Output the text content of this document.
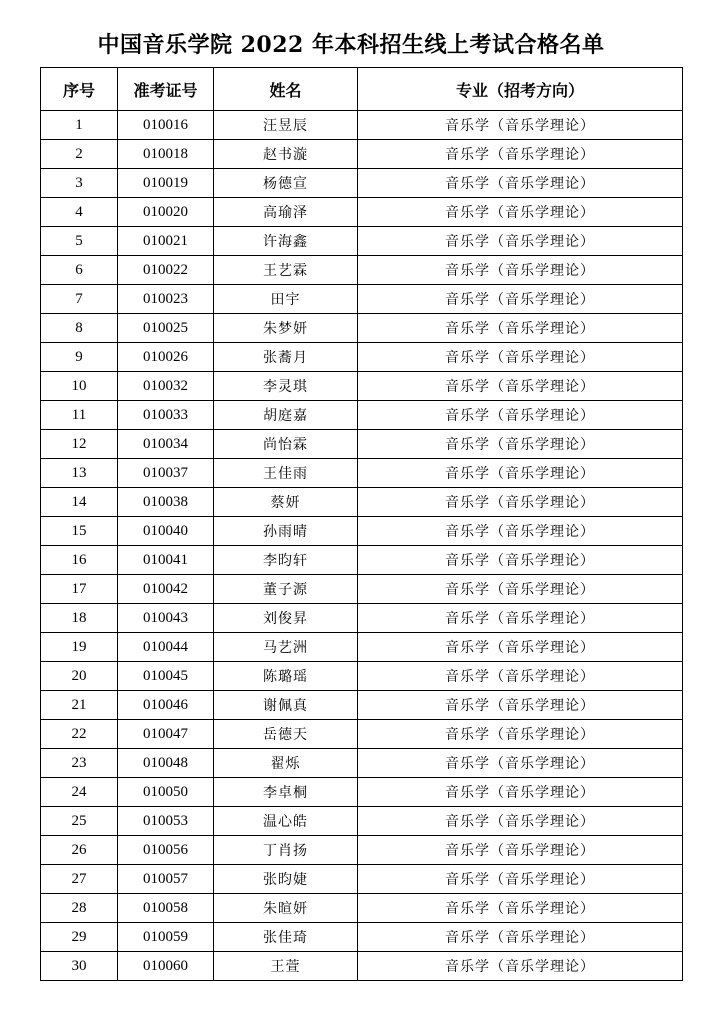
中国音乐学院 2022 年本科招生线上考试合格名单
序号	准考证号	姓名	专业（招考方向）
1	010016	汪昱辰	音乐学（音乐学理论）
2	010018	赵书漩	音乐学（音乐学理论）
3	010019	杨德宣	音乐学（音乐学理论）
4	010020	高瑜泽	音乐学（音乐学理论）
5	010021	许海鑫	音乐学（音乐学理论）
6	010022	王艺霖	音乐学（音乐学理论）
7	010023	田宇	音乐学（音乐学理论）
8	010025	朱梦妍	音乐学（音乐学理论）
9	010026	张蕎月	音乐学（音乐学理论）
10	010032	李灵琪	音乐学（音乐学理论）
11	010033	胡庭嘉	音乐学（音乐学理论）
12	010034	尚怡霖	音乐学（音乐学理论）
13	010037	王佳雨	音乐学（音乐学理论）
14	010038	蔡妍	音乐学（音乐学理论）
15	010040	孙雨晴	音乐学（音乐学理论）
16	010041	李昀轩	音乐学（音乐学理论）
17	010042	董子源	音乐学（音乐学理论）
18	010043	刘俊昇	音乐学（音乐学理论）
19	010044	马艺洲	音乐学（音乐学理论）
20	010045	陈璐瑶	音乐学（音乐学理论）
21	010046	谢佩真	音乐学（音乐学理论）
22	010047	岳德天	音乐学（音乐学理论）
23	010048	翟烁	音乐学（音乐学理论）
24	010050	李卓桐	音乐学（音乐学理论）
25	010053	温心皓	音乐学（音乐学理论）
26	010056	丁肖扬	音乐学（音乐学理论）
27	010057	张昀婕	音乐学（音乐学理论）
28	010058	朱暄妍	音乐学（音乐学理论）
29	010059	张佳琦	音乐学（音乐学理论）
30	010060	王萱	音乐学（音乐学理论）
